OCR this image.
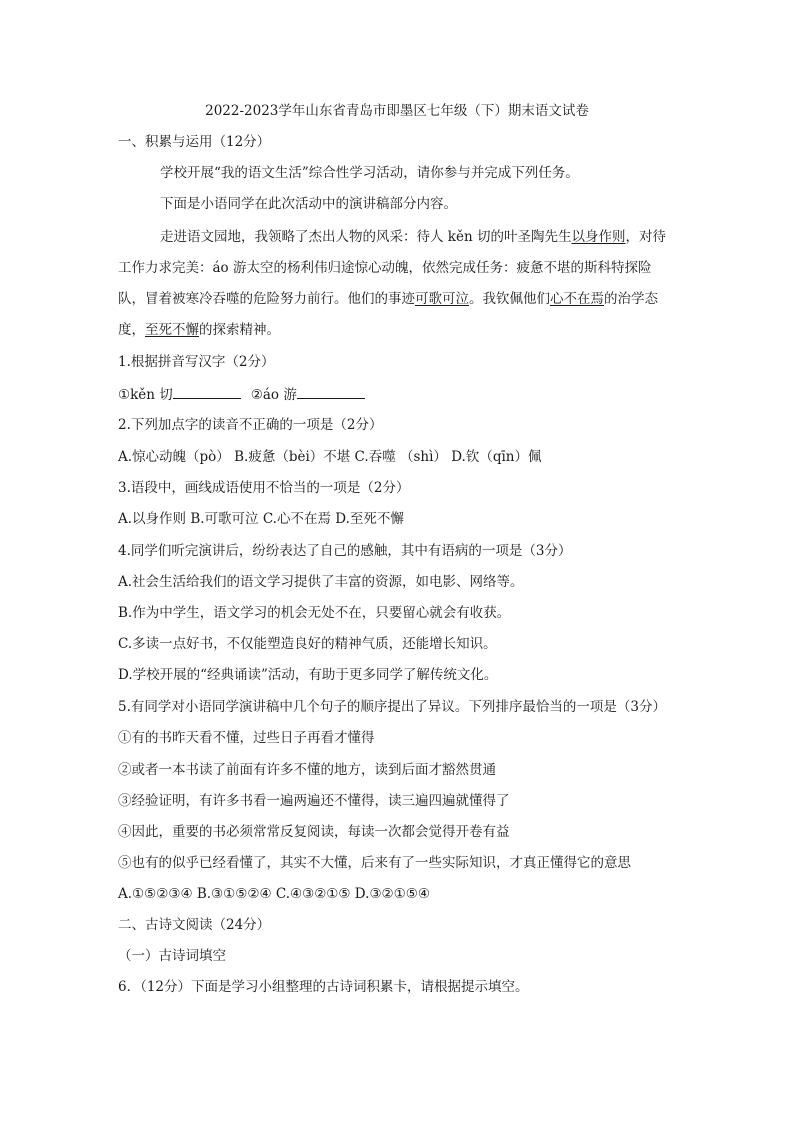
2022-2023学年山东省青岛市即墨区七年级（下）期末语文试卷
一、积累与运用（12分）
学校开展“我的语文生活”综合性学习活动，请你参与并完成下列任务。
下面是小语同学在此次活动中的演讲稿部分内容。
走进语文园地，我领略了杰出人物的风采：待人 kěn 切的叶圣陶先生以身作则，对待
工作力求完美：áo 游太空的杨利伟归途惊心动魄，依然完成任务：疲惫不堪的斯科特探险
队，冒着被寒冷吞噬的危险努力前行。他们的事迹可歌可泣。我钦佩他们心不在焉的治学态
度，至死不懈的探索精神。
1.根据拼音写汉字（2分）
①kěn 切	②áo 游
2.下列加点字的读音不正确的一项是（2分）
A.惊心动魄（pò） B.疲惫（bèi）不堪 C.吞噬 （shì） D.钦（qīn）佩
3.语段中，画线成语使用不恰当的一项是（2分）
A.以身作则 B.可歌可泣 C.心不在焉 D.至死不懈
4.同学们听完演讲后，纷纷表达了自己的感触，其中有语病的一项是（3分）
A.社会生活给我们的语文学习提供了丰富的资源，如电影、网络等。
B.作为中学生，语文学习的机会无处不在，只要留心就会有收获。
C.多读一点好书，不仅能塑造良好的精神气质，还能增长知识。
D.学校开展的“经典诵读”活动，有助于更多同学了解传统文化。
5.有同学对小语同学演讲稿中几个句子的顺序提出了异议。下列排序最恰当的一项是（3分）
①有的书昨天看不懂，过些日子再看才懂得
②或者一本书读了前面有许多不懂的地方，读到后面才豁然贯通
③经验证明，有许多书看一遍两遍还不懂得，读三遍四遍就懂得了
④因此，重要的书必须常常反复阅读，每读一次都会觉得开卷有益
⑤也有的似乎已经看懂了，其实不大懂，后来有了一些实际知识，才真正懂得它的意思
A.①⑤②③④ B.③①⑤②④ C.④③②①⑤ D.③②①⑤④
二、古诗文阅读（24分）
（一）古诗词填空
6．（12分）下面是学习小组整理的古诗词积累卡，请根据提示填空。
